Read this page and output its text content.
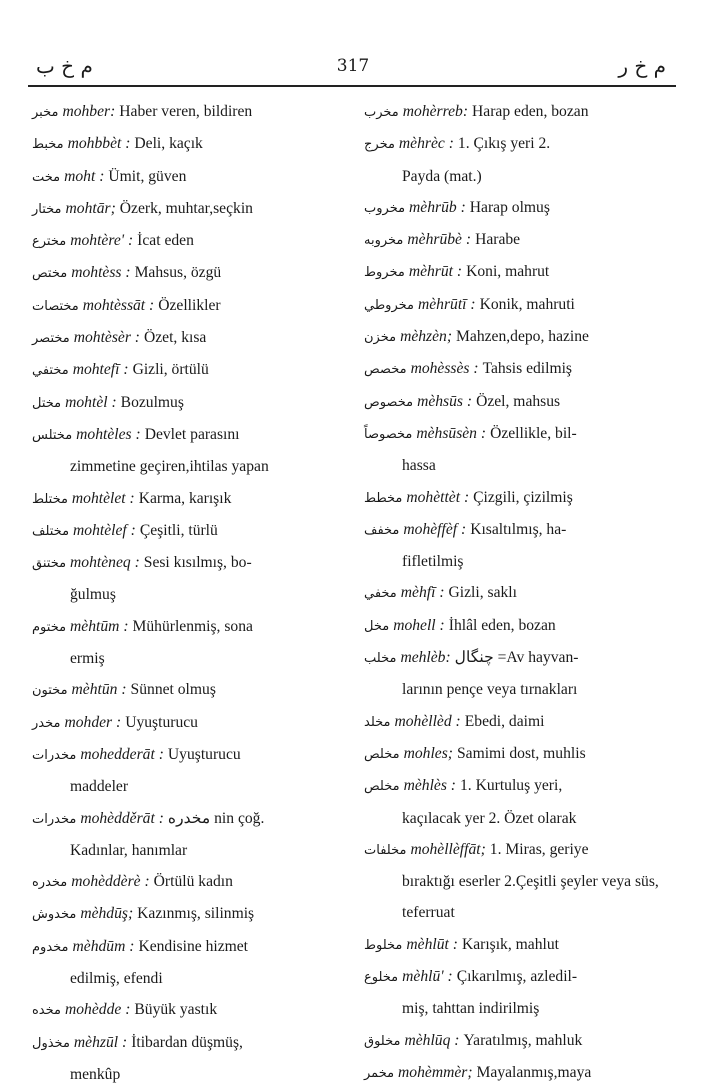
م خ ب	317	م خ ر
مخبر mohber: Haber veren, bildiren
مخبط mohbbèt : Deli, kaçık
مخت moht : Ümit, güven
مختار mohtār; Özerk, muhtar,seçkin
مخترع mohtère' : İcat eden
مختص mohtèss : Mahsus, özgü
مختصات mohtèssāt : Özellikler
مختصر mohtèsèr : Özet, kısa
مختفي mohtefī : Gizli, örtülü
مختل mohtèl : Bozulmuş
مختلس mohtèles : Devlet parasını
zimmetine geçiren,ihtilas yapan
مختلط mohtèlet : Karma, karışık
مختلف mohtèlef : Çeşitli, türlü
مختنق mohtèneq : Sesi kısılmış, bo-
ğulmuş
مختوم mèhtūm : Mühürlenmiş, sona
ermiş
مختون mèhtūn : Sünnet olmuş
مخدر mohder : Uyuşturucu
مخدرات mohedderāt : Uyuşturucu
maddeler
مخدرات mohèdděrāt : مخدره nin çoğ.
Kadınlar, hanımlar
مخدره mohèddèrè : Örtülü kadın
مخدوش mèhdūş; Kazınmış, silinmiş
مخدوم mèhdūm : Kendisine hizmet
edilmiş, efendi
مخده mohèdde : Büyük yastık
مخذول mèhzūl : İtibardan düşmüş,
menkûp
مخرب mohèrreb: Harap eden, bozan
مخرج mèhrèc : 1. Çıkış yeri 2.
Payda (mat.)
مخروب mèhrūb : Harap olmuş
مخروبه mèhrūbè : Harabe
مخروط mèhrūt : Koni, mahrut
مخروطي mèhrūtī : Konik, mahruti
مخزن mèhzèn; Mahzen,depo, hazine
مخصص mohèssès : Tahsis edilmiş
مخصوص mèhsūs : Özel, mahsus
مخصوصاً mèhsūsèn : Özellikle, bil-
hassa
مخطط mohèttèt : Çizgili, çizilmiş
مخفف mohèffèf : Kısaltılmış, ha-
fifletilmiş
مخفي mèhfī : Gizli, saklı
مخل mohell : İhlâl eden, bozan
مخلب mehlèb: چنگال =Av hayvan-
larının pençe veya tırnakları
مخلد mohèllèd : Ebedi, daimi
مخلص mohles; Samimi dost, muhlis
مخلص mèhlès : 1. Kurtuluş yeri,
kaçılacak yer 2. Özet olarak
مخلفات mohèllèffāt; 1. Miras, geriye
bıraktığı eserler 2.Çeşitli şeyler veya süs, teferruat
مخلوط mèhlūt : Karışık, mahlut
مخلوع mèhlū' : Çıkarılmış, azledil-
miş, tahttan indirilmiş
مخلوق mèhlūq : Yaratılmış, mahluk
مخمر mohèmmèr; Mayalanmış,maya
